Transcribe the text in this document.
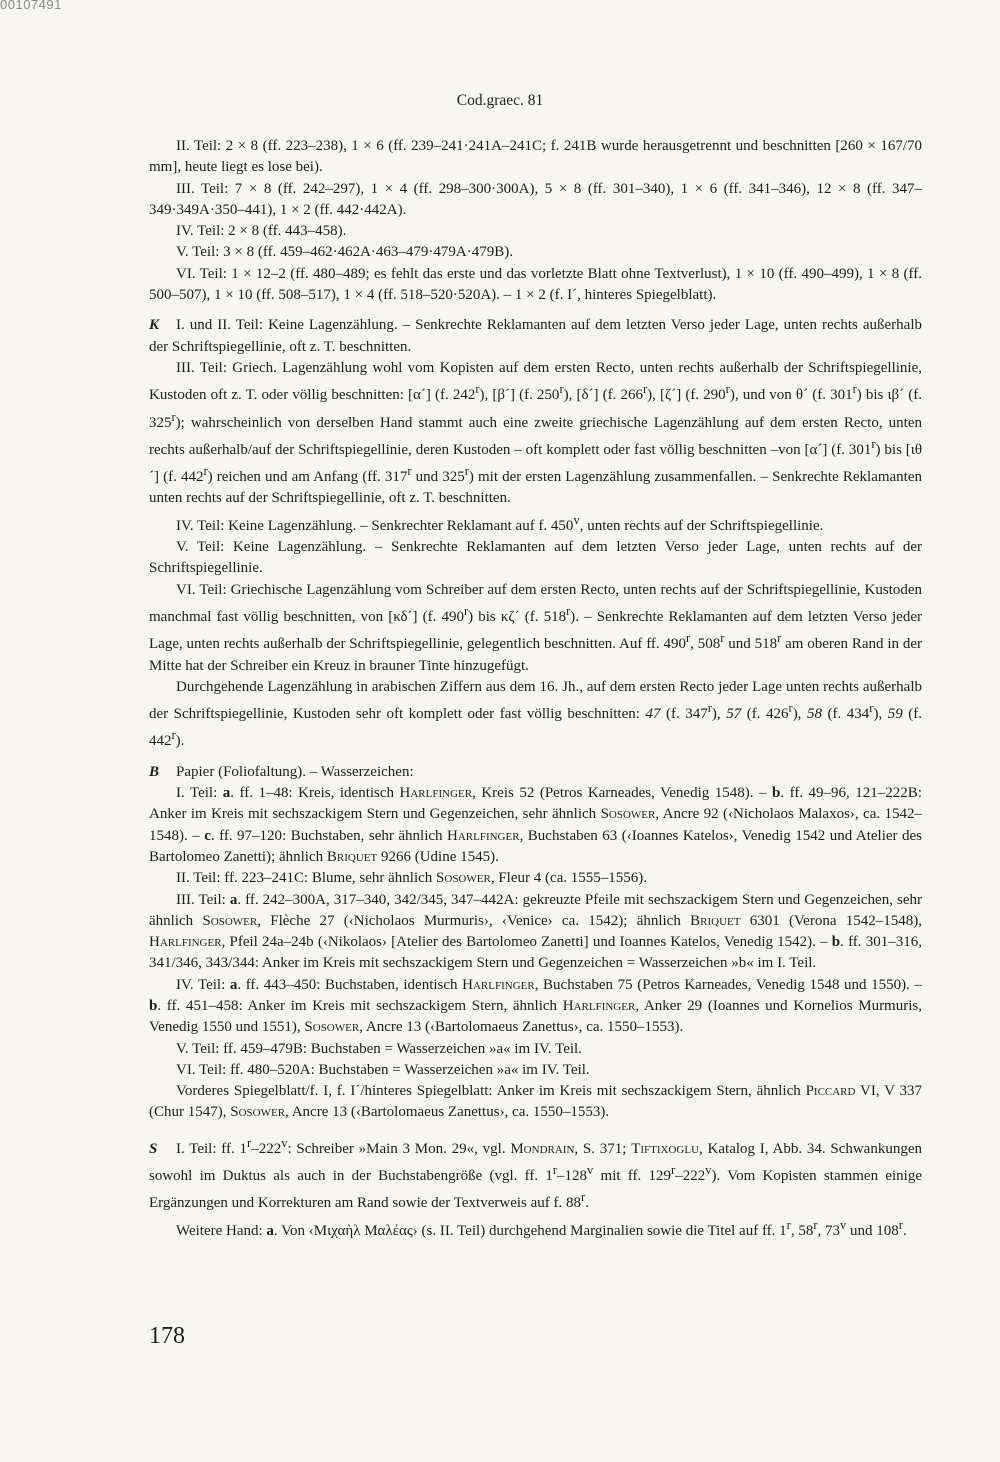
00107491
Cod.graec. 81

II. Teil: 2 × 8 (ff. 223–238), 1 × 6 (ff. 239–241·241A–241C; f. 241B wurde herausgetrennt und beschnitten [260 × 167/70 mm], heute liegt es lose bei).

III. Teil: 7 × 8 (ff. 242–297), 1 × 4 (ff. 298–300·300A), 5 × 8 (ff. 301–340), 1 × 6 (ff. 341–346), 12 × 8 (ff. 347–349·349A·350–441), 1 × 2 (ff. 442·442A).

IV. Teil: 2 × 8 (ff. 443–458).

V. Teil: 3 × 8 (ff. 459–462·462A·463–479·479A·479B).

VI. Teil: 1 × 12–2 (ff. 480–489; es fehlt das erste und das vorletzte Blatt ohne Textverlust), 1 × 10 (ff. 490–499), 1 × 8 (ff. 500–507), 1 × 10 (ff. 508–517), 1 × 4 (ff. 518–520·520A). – 1 × 2 (f. I´, hinteres Spiegelblatt).

K I. und II. Teil: Keine Lagenzählung. – Senkrechte Reklamanten auf dem letzten Verso jeder Lage, unten rechts außerhalb der Schriftspiegellinie, oft z. T. beschnitten.

III. Teil: Griech. Lagenzählung wohl vom Kopisten auf dem ersten Recto, unten rechts außerhalb der Schriftspiegellinie, Kustoden oft z. T. oder völlig beschnitten: [α´] (f. 242$^r$), [β´] (f. 250$^r$), [δ´] (f. 266$^r$), [ζ´] (f. 290$^r$), und von θ´ (f. 301$^r$) bis ιβ´ (f. 325$^r$); wahrscheinlich von derselben Hand stammt auch eine zweite griechische Lagenzählung auf dem ersten Recto, unten rechts außerhalb/auf der Schriftspiegellinie, deren Kustoden – oft komplett oder fast völlig beschnitten –von [α´] (f. 301$^r$) bis [ιθ´] (f. 442$^r$) reichen und am Anfang (ff. 317$^r$ und 325$^r$) mit der ersten Lagenzählung zusammenfallen. – Senkrechte Reklamanten unten rechts auf der Schriftspiegellinie, oft z. T. beschnitten.

IV. Teil: Keine Lagenzählung. – Senkrechter Reklamant auf f. 450$^v$, unten rechts auf der Schriftspiegellinie.

V. Teil: Keine Lagenzählung. – Senkrechte Reklamanten auf dem letzten Verso jeder Lage, unten rechts auf der Schriftspiegellinie.

VI. Teil: Griechische Lagenzählung vom Schreiber auf dem ersten Recto, unten rechts auf der Schriftspiegellinie, Kustoden manchmal fast völlig beschnitten, von [κδ´] (f. 490$^r$) bis κζ´ (f. 518$^r$). – Senkrechte Reklamanten auf dem letzten Verso jeder Lage, unten rechts außerhalb der Schriftspiegellinie, gelegentlich beschnitten. Auf ff. 490$^r$, 508$^r$ und 518$^r$ am oberen Rand in der Mitte hat der Schreiber ein Kreuz in brauner Tinte hinzugefügt.

Durchgehende Lagenzählung in arabischen Ziffern aus dem 16. Jh., auf dem ersten Recto jeder Lage unten rechts außerhalb der Schriftspiegellinie, Kustoden sehr oft komplett oder fast völlig beschnitten: 47 (f. 347$^r$), 57 (f. 426$^r$), 58 (f. 434$^r$), 59 (f. 442$^r$).

B Papier (Foliofaltung). – Wasserzeichen:

I. Teil: a. ff. 1–48: Kreis, identisch Harlfinger, Kreis 52 (Petros Karneades, Venedig 1548). – b. ff. 49–96, 121–222B: Anker im Kreis mit sechszackigem Stern und Gegenzeichen, sehr ähnlich Sosower, Ancre 92 (‹Nicholaos Malaxos›, ca. 1542–1548). – c. ff. 97–120: Buchstaben, sehr ähnlich Harlfinger, Buchstaben 63 (‹Ioannes Katelos›, Venedig 1542 und Atelier des Bartolomeo Zanetti); ähnlich Briquet 9266 (Udine 1545).

II. Teil: ff. 223–241C: Blume, sehr ähnlich Sosower, Fleur 4 (ca. 1555–1556).

III. Teil: a. ff. 242–300A, 317–340, 342/345, 347–442A: gekreuzte Pfeile mit sechszackigem Stern und Gegenzeichen, sehr ähnlich Sosower, Flèche 27 (‹Nicholaos Murmuris›, ‹Venice› ca. 1542); ähnlich Briquet 6301 (Verona 1542–1548), Harlfinger, Pfeil 24a–24b (‹Nikolaos› [Atelier des Bartolomeo Zanetti] und Ioannes Katelos, Venedig 1542). – b. ff. 301–316, 341/346, 343/344: Anker im Kreis mit sechszackigem Stern und Gegenzeichen = Wasserzeichen »b« im I. Teil.

IV. Teil: a. ff. 443–450: Buchstaben, identisch Harlfinger, Buchstaben 75 (Petros Karneades, Venedig 1548 und 1550). – b. ff. 451–458: Anker im Kreis mit sechszackigem Stern, ähnlich Harlfinger, Anker 29 (Ioannes und Kornelios Murmuris, Venedig 1550 und 1551), Sosower, Ancre 13 (‹Bartolomaeus Zanettus›, ca. 1550–1553).

V. Teil: ff. 459–479B: Buchstaben = Wasserzeichen »a« im IV. Teil.

VI. Teil: ff. 480–520A: Buchstaben = Wasserzeichen »a« im IV. Teil.

Vorderes Spiegelblatt/f. I, f. I´/hinteres Spiegelblatt: Anker im Kreis mit sechszackigem Stern, ähnlich Piccard VI, V 337 (Chur 1547), Sosower, Ancre 13 (‹Bartolomaeus Zanettus›, ca. 1550–1553).

S I. Teil: ff. 1$^r$–222$^v$: Schreiber »Main 3 Mon. 29«, vgl. Mondrain, S. 371; Tiftixoglu, Katalog I, Abb. 34. Schwankungen sowohl im Duktus als auch in der Buchstabengröße (vgl. ff. 1$^r$–128$^v$ mit ff. 129$^r$–222$^v$). Vom Kopisten stammen einige Ergänzungen und Korrekturen am Rand sowie der Textverweis auf f. 88$^r$.

Weitere Hand: a. Von ‹Μιχαὴλ Μαλέας› (s. II. Teil) durchgehend Marginalien sowie die Titel auf ff. 1$^r$, 58$^r$, 73$^v$ und 108$^r$.

178
